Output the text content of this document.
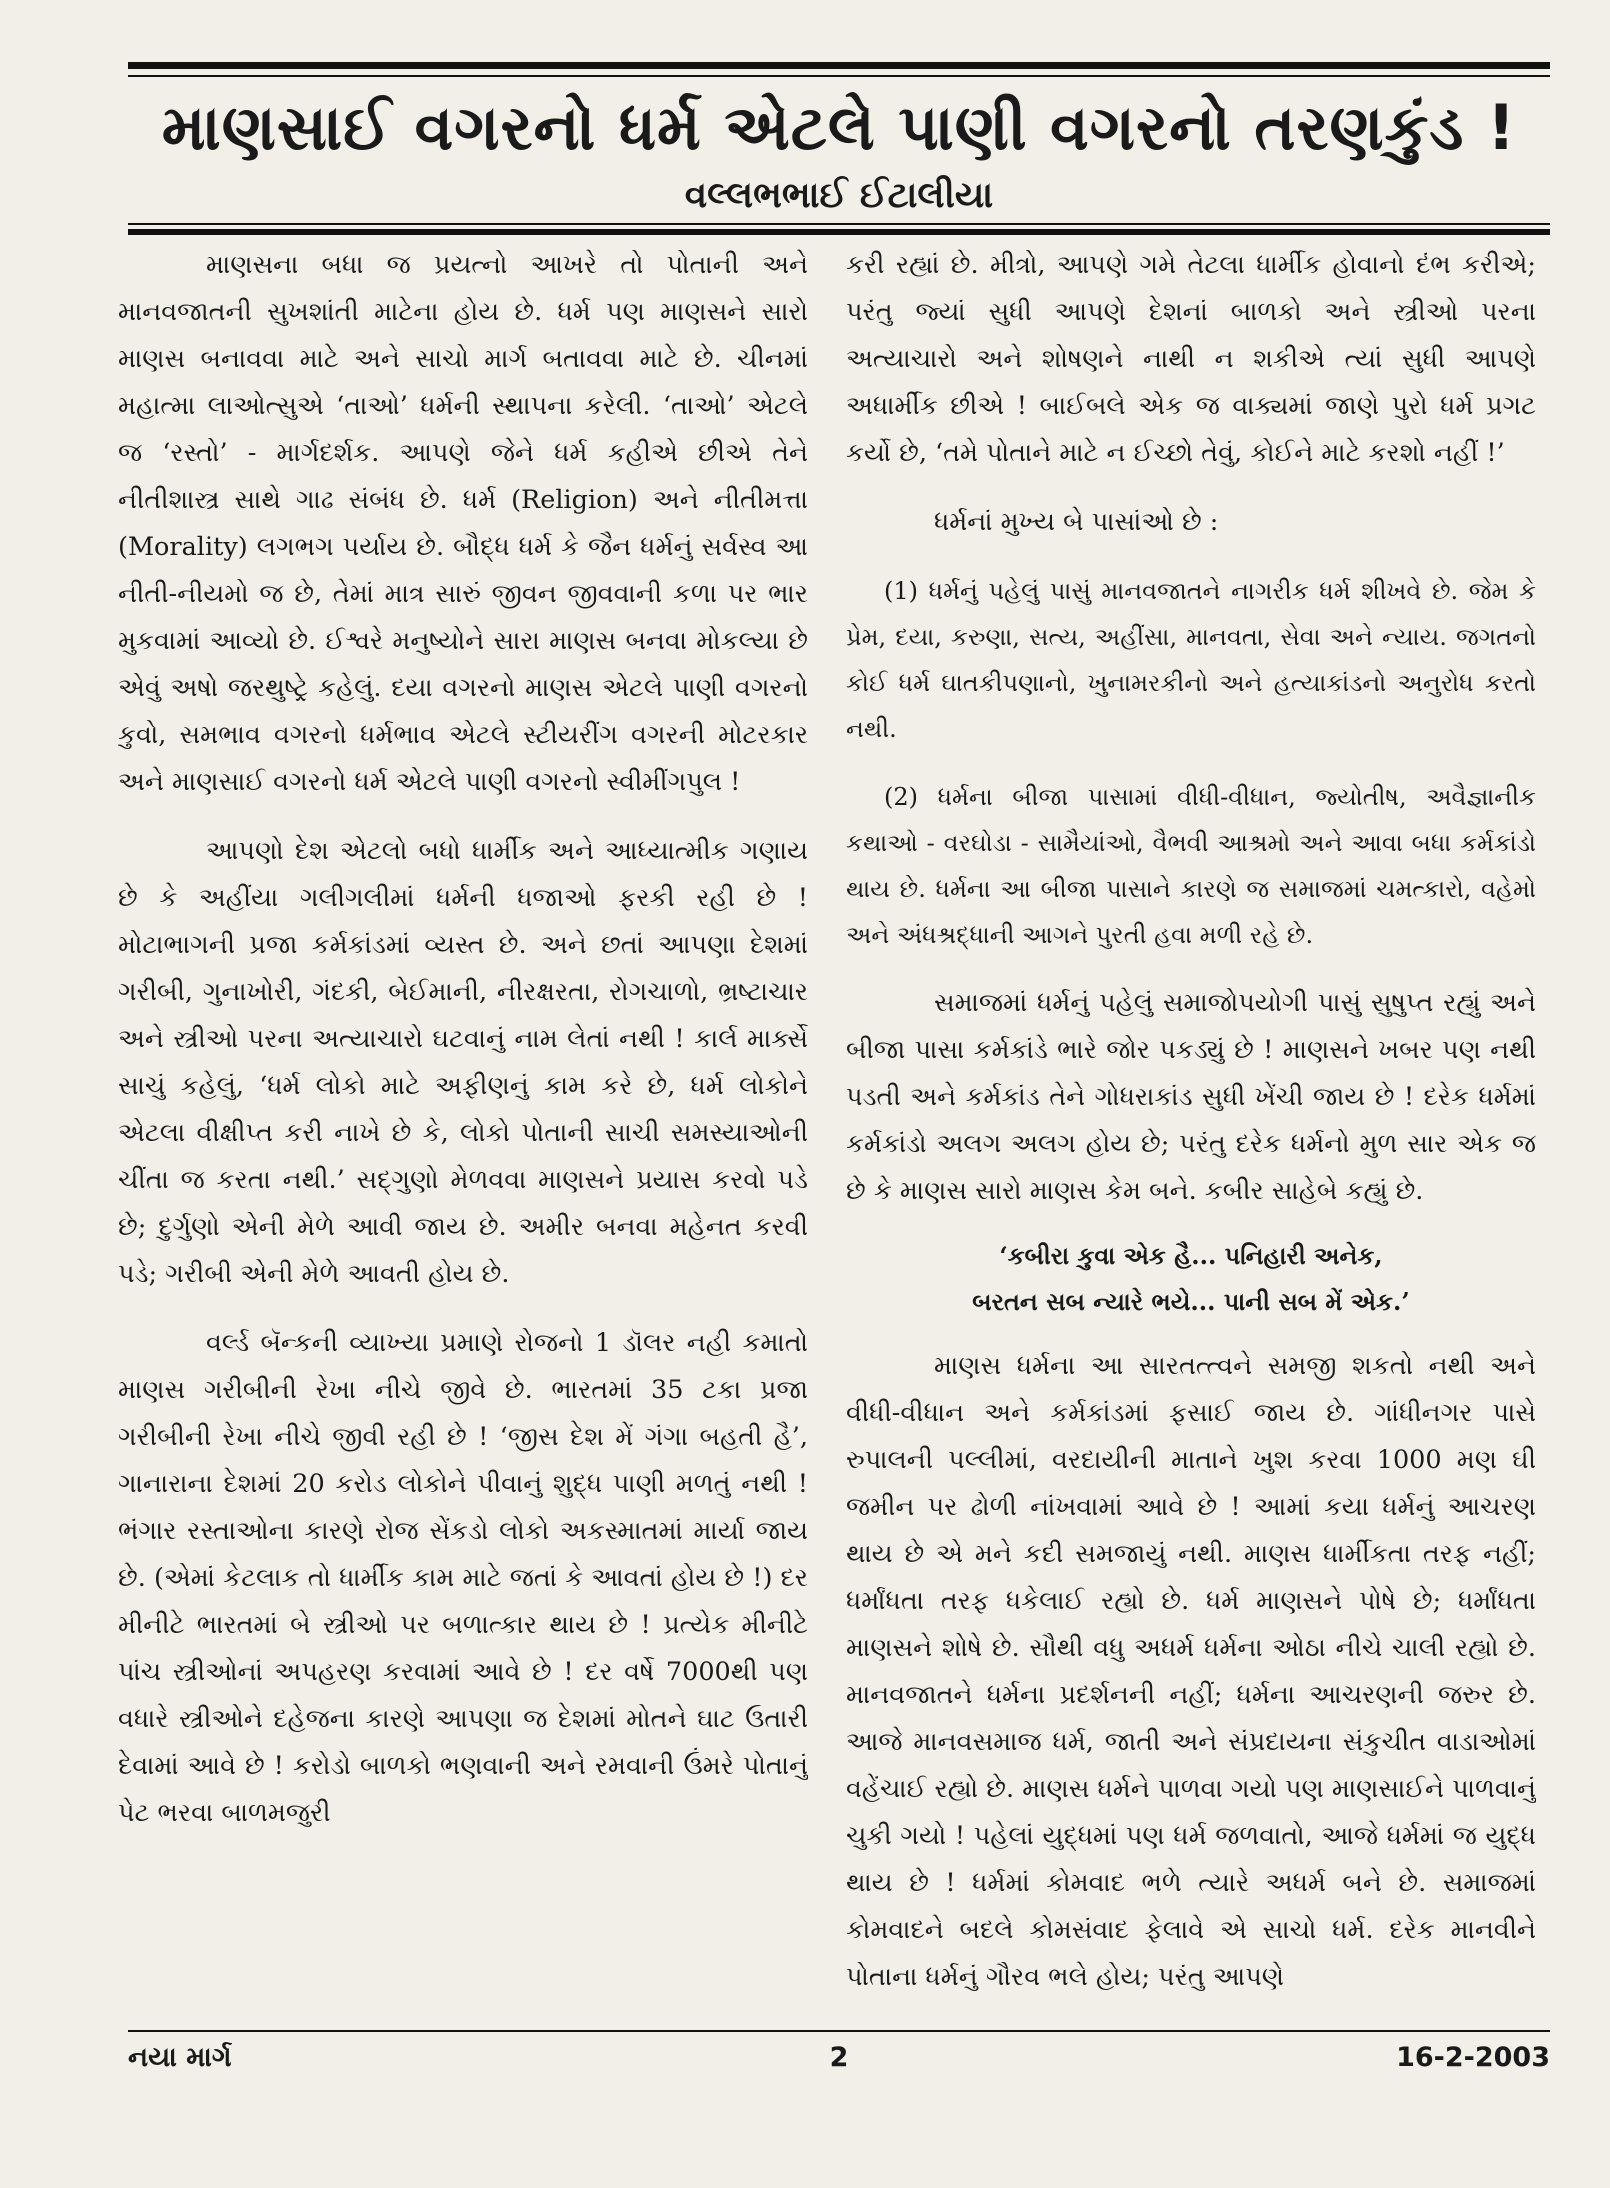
માણસાઈ વગરનો ધર્મ એટલે પાણી વગરનો તરણકુંડ !
વલ્લભભાઈ ઈટાલીયા

માણસના બધા જ પ્રયત્નો આખરે તો પોતાની અને માનવજાતની સુખશાંતી માટેના હોય છે. ધર્મ પણ માણસને સારો માણસ બનાવવા માટે અને સાચો માર્ગ બતાવવા માટે છે. ચીનમાં મહાત્મા લાઓત્સુએ ‘તાઓ’ ધર્મની સ્થાપના કરેલી. ‘તાઓ’ એટલે જ ‘રસ્તો’ - માર્ગદર્શક. આપણે જેને ધર્મ કહીએ છીએ તેને નીતીશાસ્ત્ર સાથે ગાઢ સંબંધ છે. ધર્મ (Religion) અને નીતીમત્તા (Morality) લગભગ પર્યાય છે. બૌદ્ધ ધર્મ કે જૈન ધર્મનું સર્વસ્વ આ નીતી-નીયમો જ છે, તેમાં માત્ર સારું જીવન જીવવાની કળા પર ભાર મુકવામાં આવ્યો છે. ઈશ્વરે મનુષ્યોને સારા માણસ બનવા મોકલ્યા છે એવું અષો જરથુષ્ટ્રે કહેલું. દયા વગરનો માણસ એટલે પાણી વગરનો કુવો, સમભાવ વગરનો ધર્મભાવ એટલે સ્ટીયરીંગ વગરની મોટરકાર અને માણસાઈ વગરનો ધર્મ એટલે પાણી વગરનો સ્વીમીંગપુલ !

આપણો દેશ એટલો બધો ધાર્મીક અને આધ્યાત્મીક ગણાય છે કે અહીંયા ગલીગલીમાં ધર્મની ધજાઓ ફરકી રહી છે ! મોટાભાગની પ્રજા કર્મકાંડમાં વ્યસ્ત છે. અને છતાં આપણા દેશમાં ગરીબી, ગુનાખોરી, ગંદકી, બેઈમાની, નીરક્ષરતા, રોગચાળો, ભ્રષ્ટાચાર અને સ્ત્રીઓ પરના અત્યાચારો ઘટવાનું નામ લેતાં નથી ! કાર્લ માર્ક્સે સાચું કહેલું, ‘ધર્મ લોકો માટે અફીણનું કામ કરે છે, ધર્મ લોકોને એટલા વીક્ષીપ્ત કરી નાખે છે કે, લોકો પોતાની સાચી સમસ્યાઓની ચીંતા જ કરતા નથી.’ સદ્‌ગુણો મેળવવા માણસને પ્રયાસ કરવો પડે છે; દુર્ગુણો એની મેળે આવી જાય છે. અમીર બનવા મહેનત કરવી પડે; ગરીબી એની મેળે આવતી હોય છે.

વર્લ્ડ બૅન્કની વ્યાખ્યા પ્રમાણે રોજનો 1 ડૉલર નહી કમાતો માણસ ગરીબીની રેખા નીચે જીવે છે. ભારતમાં 35 ટકા પ્રજા ગરીબીની રેખા નીચે જીવી રહી છે ! ‘જીસ દેશ મેં ગંગા બહતી હૈ’, ગાનારાના દેશમાં 20 કરોડ લોકોને પીવાનું શુદ્ધ પાણી મળતું નથી ! ભંગાર રસ્તાઓના કારણે રોજ સેંકડો લોકો અકસ્માતમાં માર્યા જાય છે. (એમાં કેટલાક તો ધાર્મીક કામ માટે જતાં કે આવતાં હોય છે !) દર મીનીટે ભારતમાં બે સ્ત્રીઓ પર બળાત્કાર થાય છે ! પ્રત્યેક મીનીટે પાંચ સ્ત્રીઓનાં અપહરણ કરવામાં આવે છે ! દર વર્ષે 7000થી પણ વધારે સ્ત્રીઓને દહેજના કારણે આપણા જ દેશમાં મોતને ઘાટ ઉતારી દેવામાં આવે છે ! કરોડો બાળકો ભણવાની અને રમવાની ઉંમરે પોતાનું પેટ ભરવા બાળમજુરી

કરી રહ્યાં છે. મીત્રો, આપણે ગમે તેટલા ધાર્મીક હોવાનો દંભ કરીએ; પરંતુ જ્યાં સુધી આપણે દેશનાં બાળકો અને સ્ત્રીઓ પરના અત્યાચારો અને શોષણને નાથી ન શકીએ ત્યાં સુધી આપણે અધાર્મીક છીએ ! બાઈબલે એક જ વાક્યમાં જાણે પુરો ધર્મ પ્રગટ કર્યો છે, ‘તમે પોતાને માટે ન ઈચ્છો તેવું, કોઈને માટે કરશો નહીં !’

ધર્મનાં મુખ્ય બે પાસાંઓ છે :

(1) ધર્મનું પહેલું પાસું માનવજાતને નાગરીક ધર્મ શીખવે છે. જેમ કે પ્રેમ, દયા, કરુણા, સત્ય, અહીંસા, માનવતા, સેવા અને ન્યાય. જગતનો કોઈ ધર્મ ઘાતકીપણાનો, ખુનામરકીનો અને હત્યાકાંડનો અનુરોધ કરતો નથી.

(2) ધર્મના બીજા પાસામાં વીધી-વીધાન, જ્યોતીષ, અવૈજ્ઞાનીક કથાઓ - વરઘોડા - સામૈયાંઓ, વૈભવી આશ્રમો અને આવા બધા કર્મકાંડો થાય છે. ધર્મના આ બીજા પાસાને કારણે જ સમાજમાં ચમત્કારો, વહેમો અને અંધશ્રદ્ધાની આગને પુરતી હવા મળી રહે છે.

સમાજમાં ધર્મનું પહેલું સમાજોપયોગી પાસું સુષુપ્ત રહ્યું અને બીજા પાસા કર્મકાંડે ભારે જોર પકડ્યું છે ! માણસને ખબર પણ નથી પડતી અને કર્મકાંડ તેને ગોધરાકાંડ સુધી ખેંચી જાય છે ! દરેક ધર્મમાં કર્મકાંડો અલગ અલગ હોય છે; પરંતુ દરેક ધર્મનો મુળ સાર એક જ છે કે માણસ સારો માણસ કેમ બને. કબીર સાહેબે કહ્યું છે.

‘કબીરા કુવા એક હૈ... પનિહારી અનેક,

બરતન સબ ન્યારે ભયે... પાની સબ મેં એક.’

માણસ ધર્મના આ સારતત્ત્વને સમજી શકતો નથી અને વીધી-વીધાન અને કર્મકાંડમાં ફસાઈ જાય છે. ગાંધીનગર પાસે રુપાલની પલ્લીમાં, વરદાયીની માતાને ખુશ કરવા 1000 મણ ઘી જમીન પર ઢોળી નાંખવામાં આવે છે ! આમાં કયા ધર્મનું આચરણ થાય છે એ મને કદી સમજાયું નથી. માણસ ધાર્મીકતા તરફ નહીં; ધર્માંધતા તરફ ધકેલાઈ રહ્યો છે. ધર્મ માણસને પોષે છે; ધર્માંધતા માણસને શોષે છે. સૌથી વધુ અધર્મ ધર્મના ઓઠા નીચે ચાલી રહ્યો છે. માનવજાતને ધર્મના પ્રદર્શનની નહીં; ધર્મના આચરણની જરુર છે. આજે માનવસમાજ ધર્મ, જાતી અને સંપ્રદાયના સંકુચીત વાડાઓમાં વહેંચાઈ રહ્યો છે. માણસ ધર્મને પાળવા ગયો પણ માણસાઈને પાળવાનું ચુકી ગયો ! પહેલાં યુદ્ધમાં પણ ધર્મ જળવાતો, આજે ધર્મમાં જ યુદ્ધ થાય છે ! ધર્મમાં કોમવાદ ભળે ત્યારે અધર્મ બને છે. સમાજમાં કોમવાદને બદલે કોમસંવાદ ફેલાવે એ સાચો ધર્મ. દરેક માનવીને પોતાના ધર્મનું ગૌરવ ભલે હોય; પરંતુ આપણે

નયા માર્ગ	2	16-2-2003
